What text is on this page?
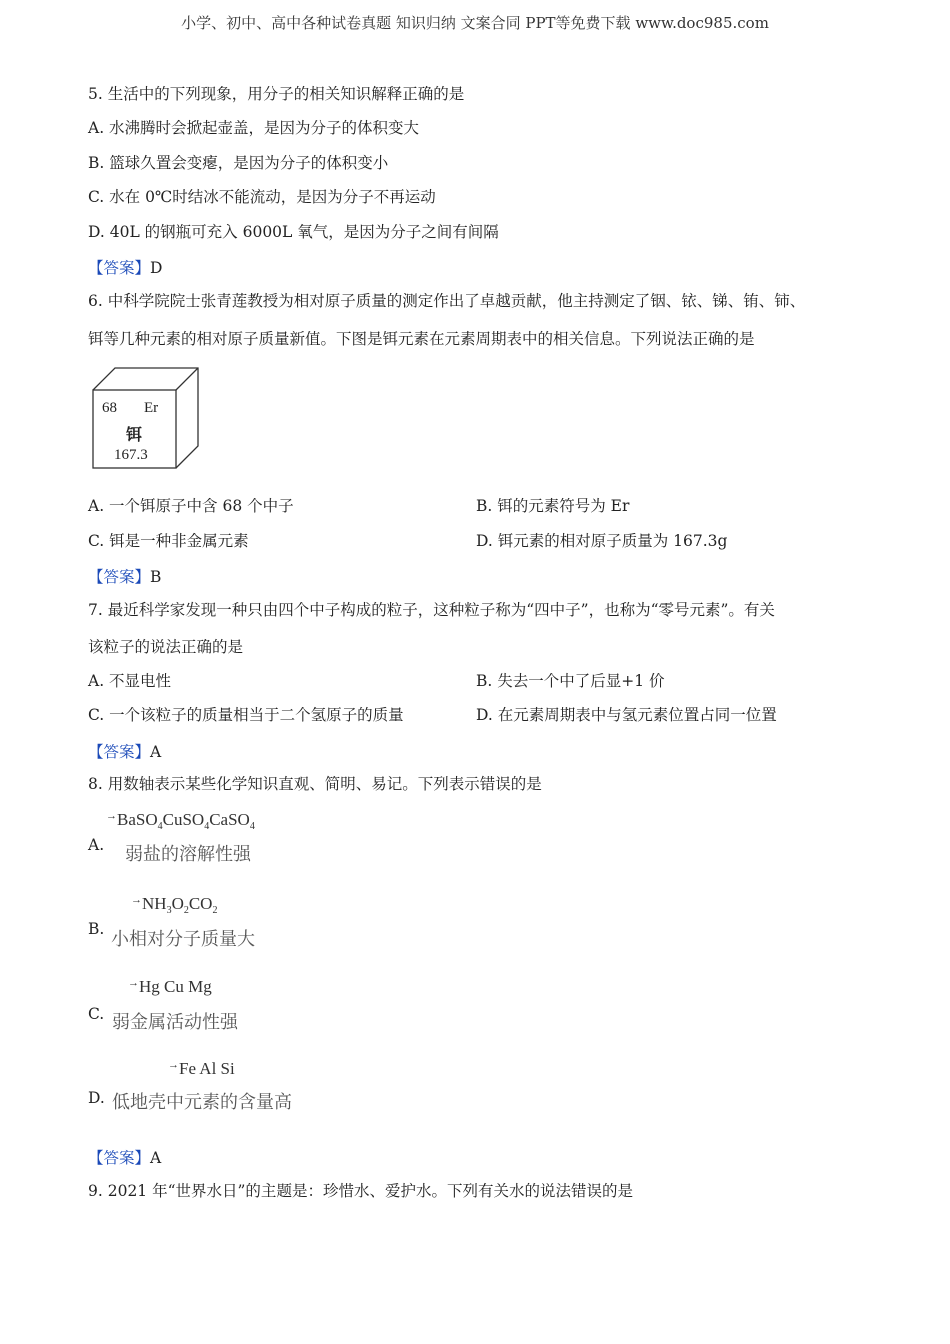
小学、初中、高中各种试卷真题 知识归纳 文案合同 PPT等免费下载 www.doc985.com
5. 生活中的下列现象，用分子的相关知识解释正确的是
A. 水沸腾时会掀起壶盖，是因为分子的体积变大
B. 篮球久置会变瘪，是因为分子的体积变小
C. 水在 0℃时结冰不能流动，是因为分子不再运动
D. 40L 的钢瓶可充入 6000L 氧气，是因为分子之间有间隔
【答案】D
6. 中科学院院士张青莲教授为相对原子质量的测定作出了卓越贡献，他主持测定了铟、铱、锑、铕、铈、
铒等几种元素的相对原子质量新值。下图是铒元素在元素周期表中的相关信息。下列说法正确的是
68 Er
铒
167.3
A. 一个铒原子中含 68 个中子	B. 铒的元素符号为 Er
C. 铒是一种非金属元素	D. 铒元素的相对原子质量为 167.3g
【答案】B
7. 最近科学家发现一种只由四个中子构成的粒子，这种粒子称为“四中子”，也称为“零号元素”。有关
该粒子的说法正确的是
A. 不显电性	B. 失去一个中了后显+1 价
C. 一个该粒子的质量相当于二个氢原子的质量	D. 在元素周期表中与氢元素位置占同一位置
【答案】A
8. 用数轴表示某些化学知识直观、简明、易记。下列表示错误的是
→BaSO$_4$CuSO$_4$CaSO$_4$
A. 弱盐的溶解性强
$^\to NH_3O_2CO_2$
B. 小相对分子质量大
→Hg Cu Mg
C. 弱金属活动性强
→Fe Al Si
D. 低地壳中元素的含量高
【答案】A
9. 2021 年“世界水日”的主题是：珍惜水、爱护水。下列有关水的说法错误的是
